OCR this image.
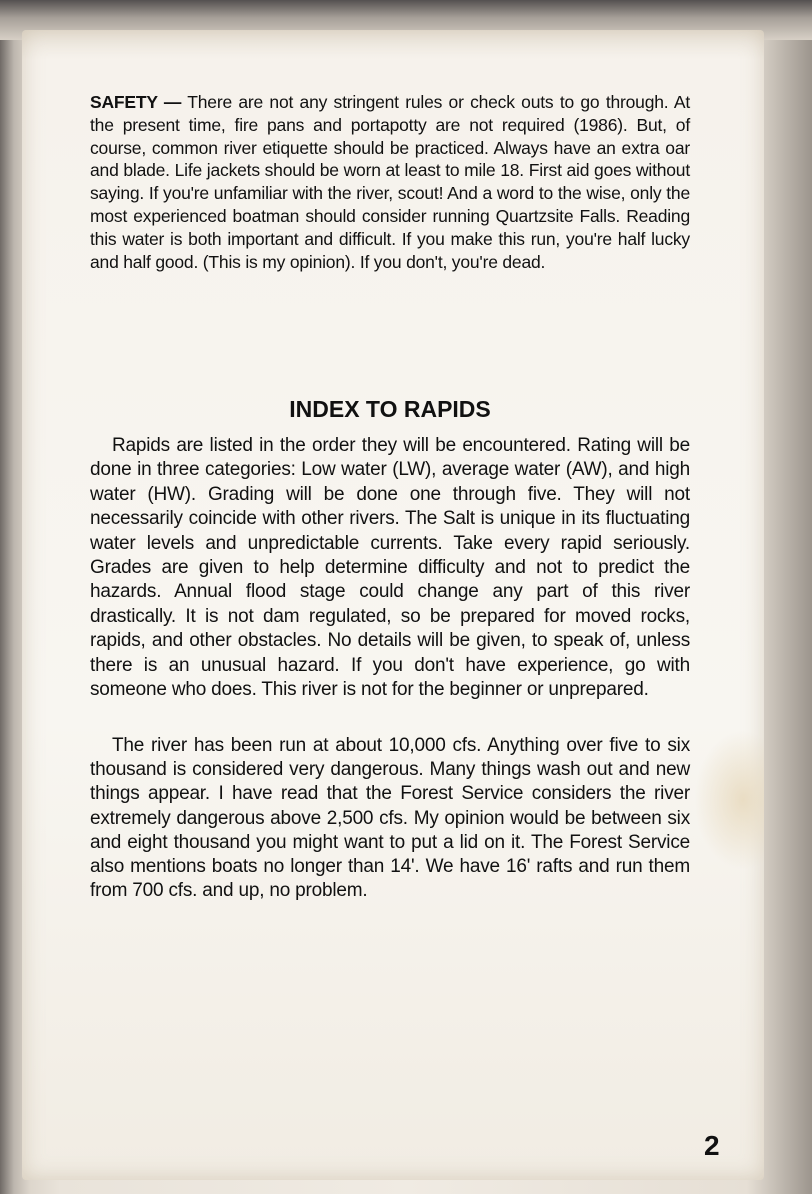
SAFETY — There are not any stringent rules or check outs to go through. At the present time, fire pans and portapotty are not required (1986). But, of course, common river etiquette should be practiced. Always have an extra oar and blade. Life jackets should be worn at least to mile 18. First aid goes without saying. If you're unfamiliar with the river, scout! And a word to the wise, only the most experienced boatman should consider running Quartzsite Falls. Reading this water is both important and difficult. If you make this run, you're half lucky and half good. (This is my opinion). If you don't, you're dead.
INDEX TO RAPIDS
Rapids are listed in the order they will be encountered. Rating will be done in three categories: Low water (LW), average water (AW), and high water (HW). Grading will be done one through five. They will not necessarily coincide with other rivers. The Salt is unique in its fluctuating water levels and unpredictable currents. Take every rapid seriously. Grades are given to help determine difficulty and not to predict the hazards. Annual flood stage could change any part of this river drastically. It is not dam regulated, so be prepared for moved rocks, rapids, and other obstacles. No details will be given, to speak of, unless there is an unusual hazard. If you don't have experience, go with someone who does. This river is not for the beginner or unprepared.
The river has been run at about 10,000 cfs. Anything over five to six thousand is considered very dangerous. Many things wash out and new things appear. I have read that the Forest Service considers the river extremely dangerous above 2,500 cfs. My opinion would be between six and eight thousand you might want to put a lid on it. The Forest Service also mentions boats no longer than 14'. We have 16' rafts and run them from 700 cfs. and up, no problem.
2
